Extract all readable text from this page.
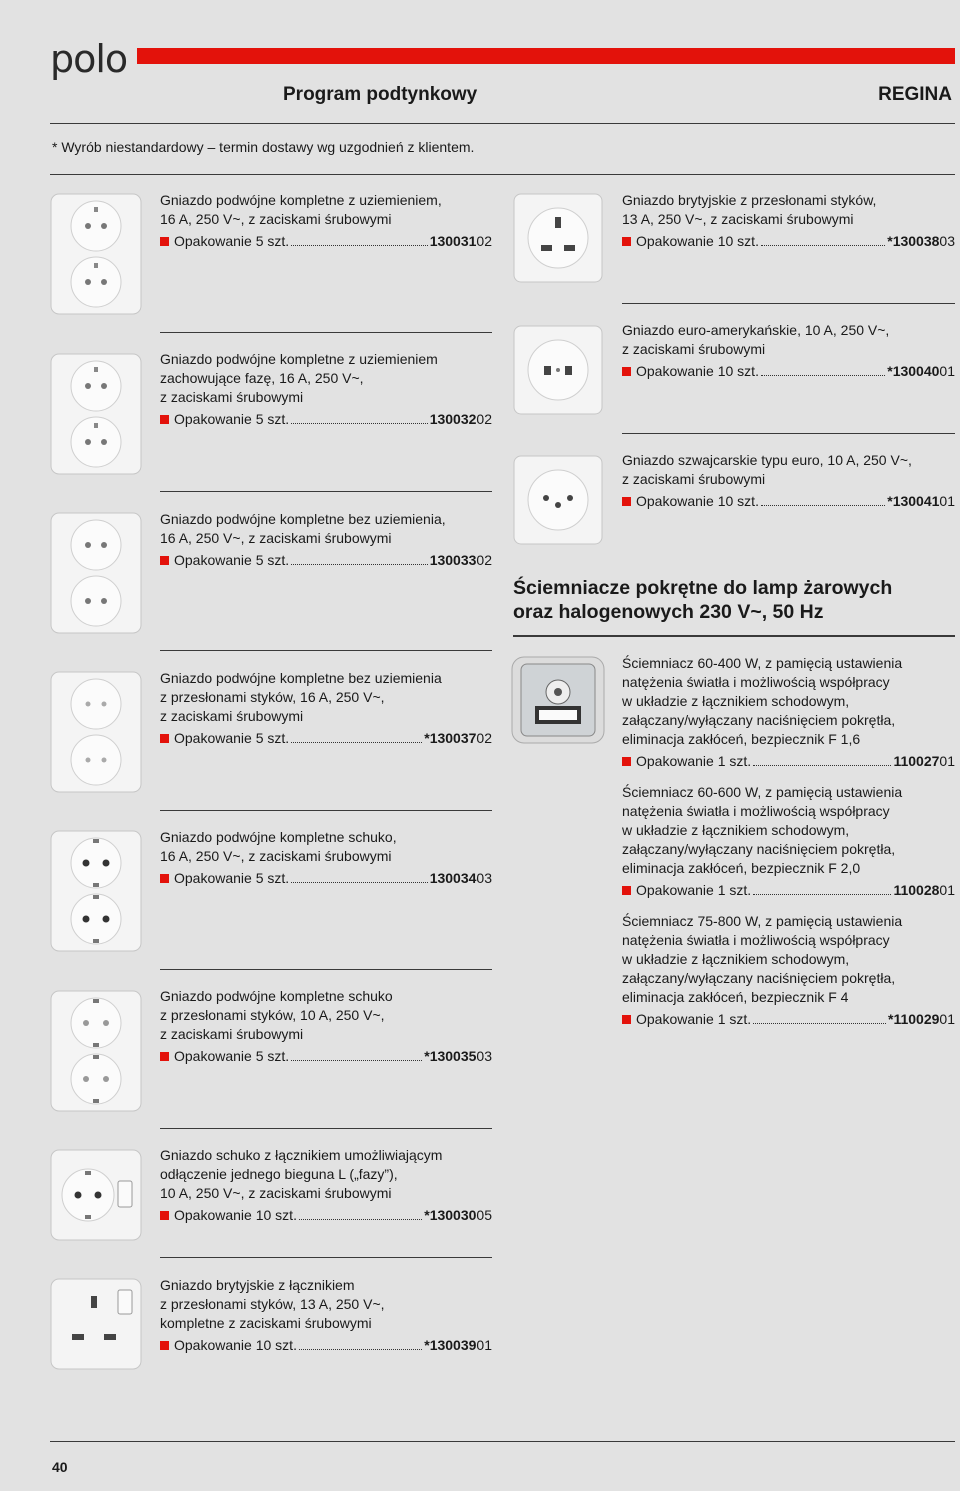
polo
Program podtynkowy	REGINA
* Wyrób niestandardowy – termin dostawy wg uzgodnień z klientem.
Gniazdo podwójne kompletne z uziemieniem,
16 A, 250 V~, z zaciskami śrubowymi
Opakowanie 5 szt.	130031 02
Gniazdo podwójne kompletne z uziemieniem
zachowujące fazę, 16 A, 250 V~,
z zaciskami śrubowymi
Opakowanie 5 szt.	130032 02
Gniazdo podwójne kompletne bez uziemienia,
16 A, 250 V~, z zaciskami śrubowymi
Opakowanie 5 szt.	130033 02
Gniazdo podwójne kompletne bez uziemienia
z przesłonami styków, 16 A, 250 V~,
z zaciskami śrubowymi
Opakowanie 5 szt.	*130037 02
Gniazdo podwójne kompletne schuko,
16 A, 250 V~, z zaciskami śrubowymi
Opakowanie 5 szt.	130034 03
Gniazdo podwójne kompletne schuko
z przesłonami styków, 10 A, 250 V~,
z zaciskami śrubowymi
Opakowanie 5 szt.	*130035 03
Gniazdo schuko z łącznikiem umożliwiającym
odłączenie jednego bieguna L („fazy”),
10 A, 250 V~, z zaciskami śrubowymi
Opakowanie 10 szt.	*130030 05
Gniazdo brytyjskie z łącznikiem
z przesłonami styków, 13 A, 250 V~,
kompletne z zaciskami śrubowymi
Opakowanie 10 szt.	*130039 01
Gniazdo brytyjskie z przesłonami styków,
13 A, 250 V~, z zaciskami śrubowymi
Opakowanie 10 szt.	*130038 03
Gniazdo euro-amerykańskie, 10 A, 250 V~,
z zaciskami śrubowymi
Opakowanie 10 szt.	*130040 01
Gniazdo szwajcarskie typu euro, 10 A, 250 V~,
z zaciskami śrubowymi
Opakowanie 10 szt.	*130041 01
Ściemniacze pokrętne do lamp żarowych
oraz halogenowych 230 V~, 50 Hz
Ściemniacz 60-400 W, z pamięcią ustawienia
natężenia światła i możliwością współpracy
w układzie z łącznikiem schodowym,
załączany/wyłączany naciśnięciem pokrętła,
eliminacja zakłóceń, bezpiecznik F 1,6
Opakowanie 1 szt.	110027 01
Ściemniacz 60-600 W, z pamięcią ustawienia
natężenia światła i możliwością współpracy
w układzie z łącznikiem schodowym,
załączany/wyłączany naciśnięciem pokrętła,
eliminacja zakłóceń, bezpiecznik F 2,0
Opakowanie 1 szt.	110028 01
Ściemniacz 75-800 W, z pamięcią ustawienia
natężenia światła i możliwością współpracy
w układzie z łącznikiem schodowym,
załączany/wyłączany naciśnięciem pokrętła,
eliminacja zakłóceń, bezpiecznik F 4
Opakowanie 1 szt.	*110029 01
40
